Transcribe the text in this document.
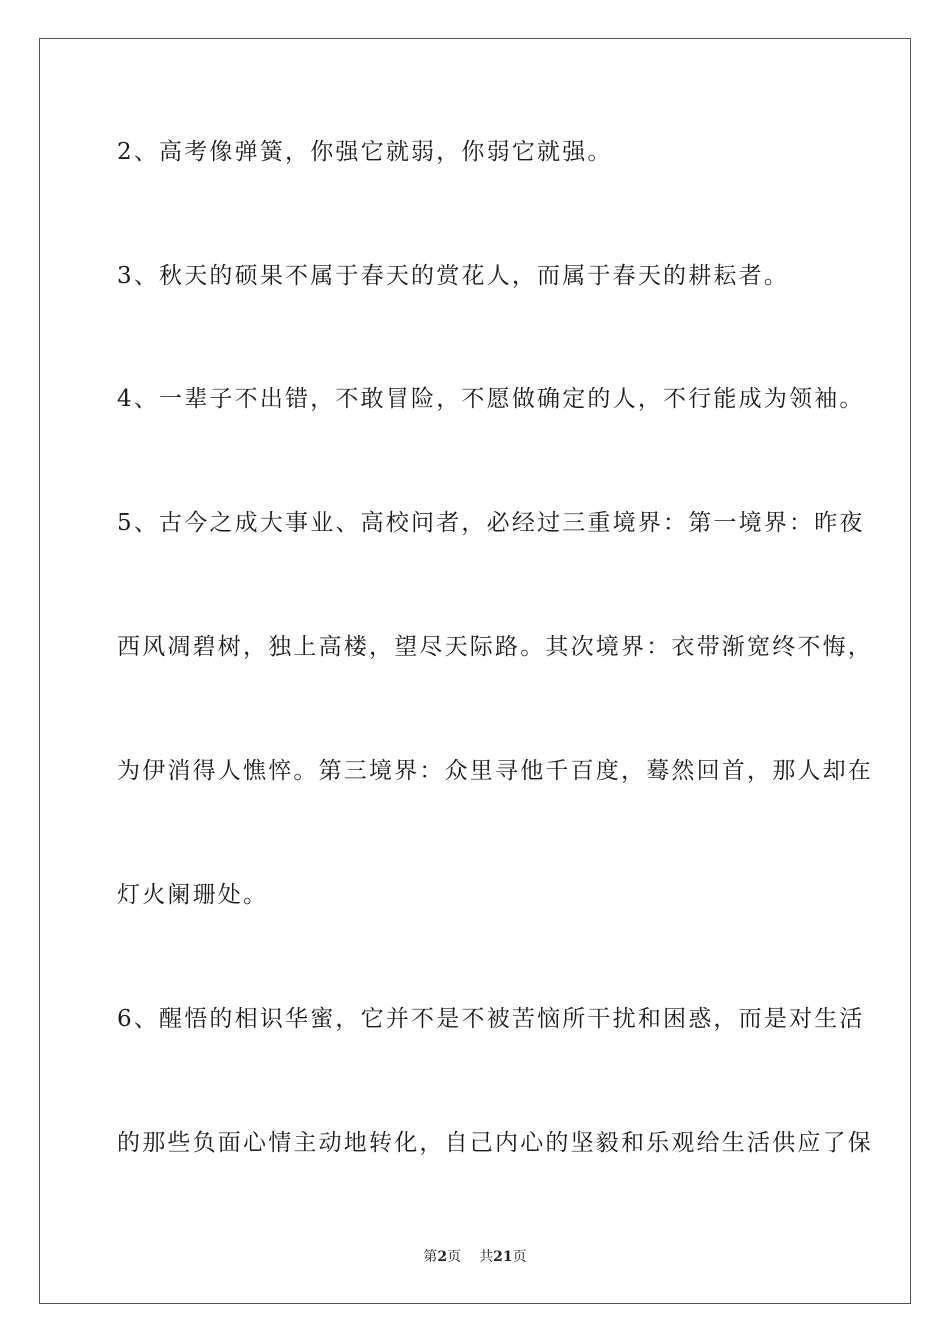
2、高考像弹簧，你强它就弱，你弱它就强。
3、秋天的硕果不属于春天的赏花人，而属于春天的耕耘者。
4、一辈子不出错，不敢冒险，不愿做确定的人，不行能成为领袖。
5、古今之成大事业、高校问者，必经过三重境界：第一境界：昨夜
西风凋碧树，独上高楼，望尽天际路。其次境界：衣带渐宽终不悔，
为伊消得人憔悴。第三境界：众里寻他千百度，蓦然回首，那人却在
灯火阑珊处。
6、醒悟的相识华蜜，它并不是不被苦恼所干扰和困惑，而是对生活
的那些负面心情主动地转化，自己内心的坚毅和乐观给生活供应了保
第2页 共21页
